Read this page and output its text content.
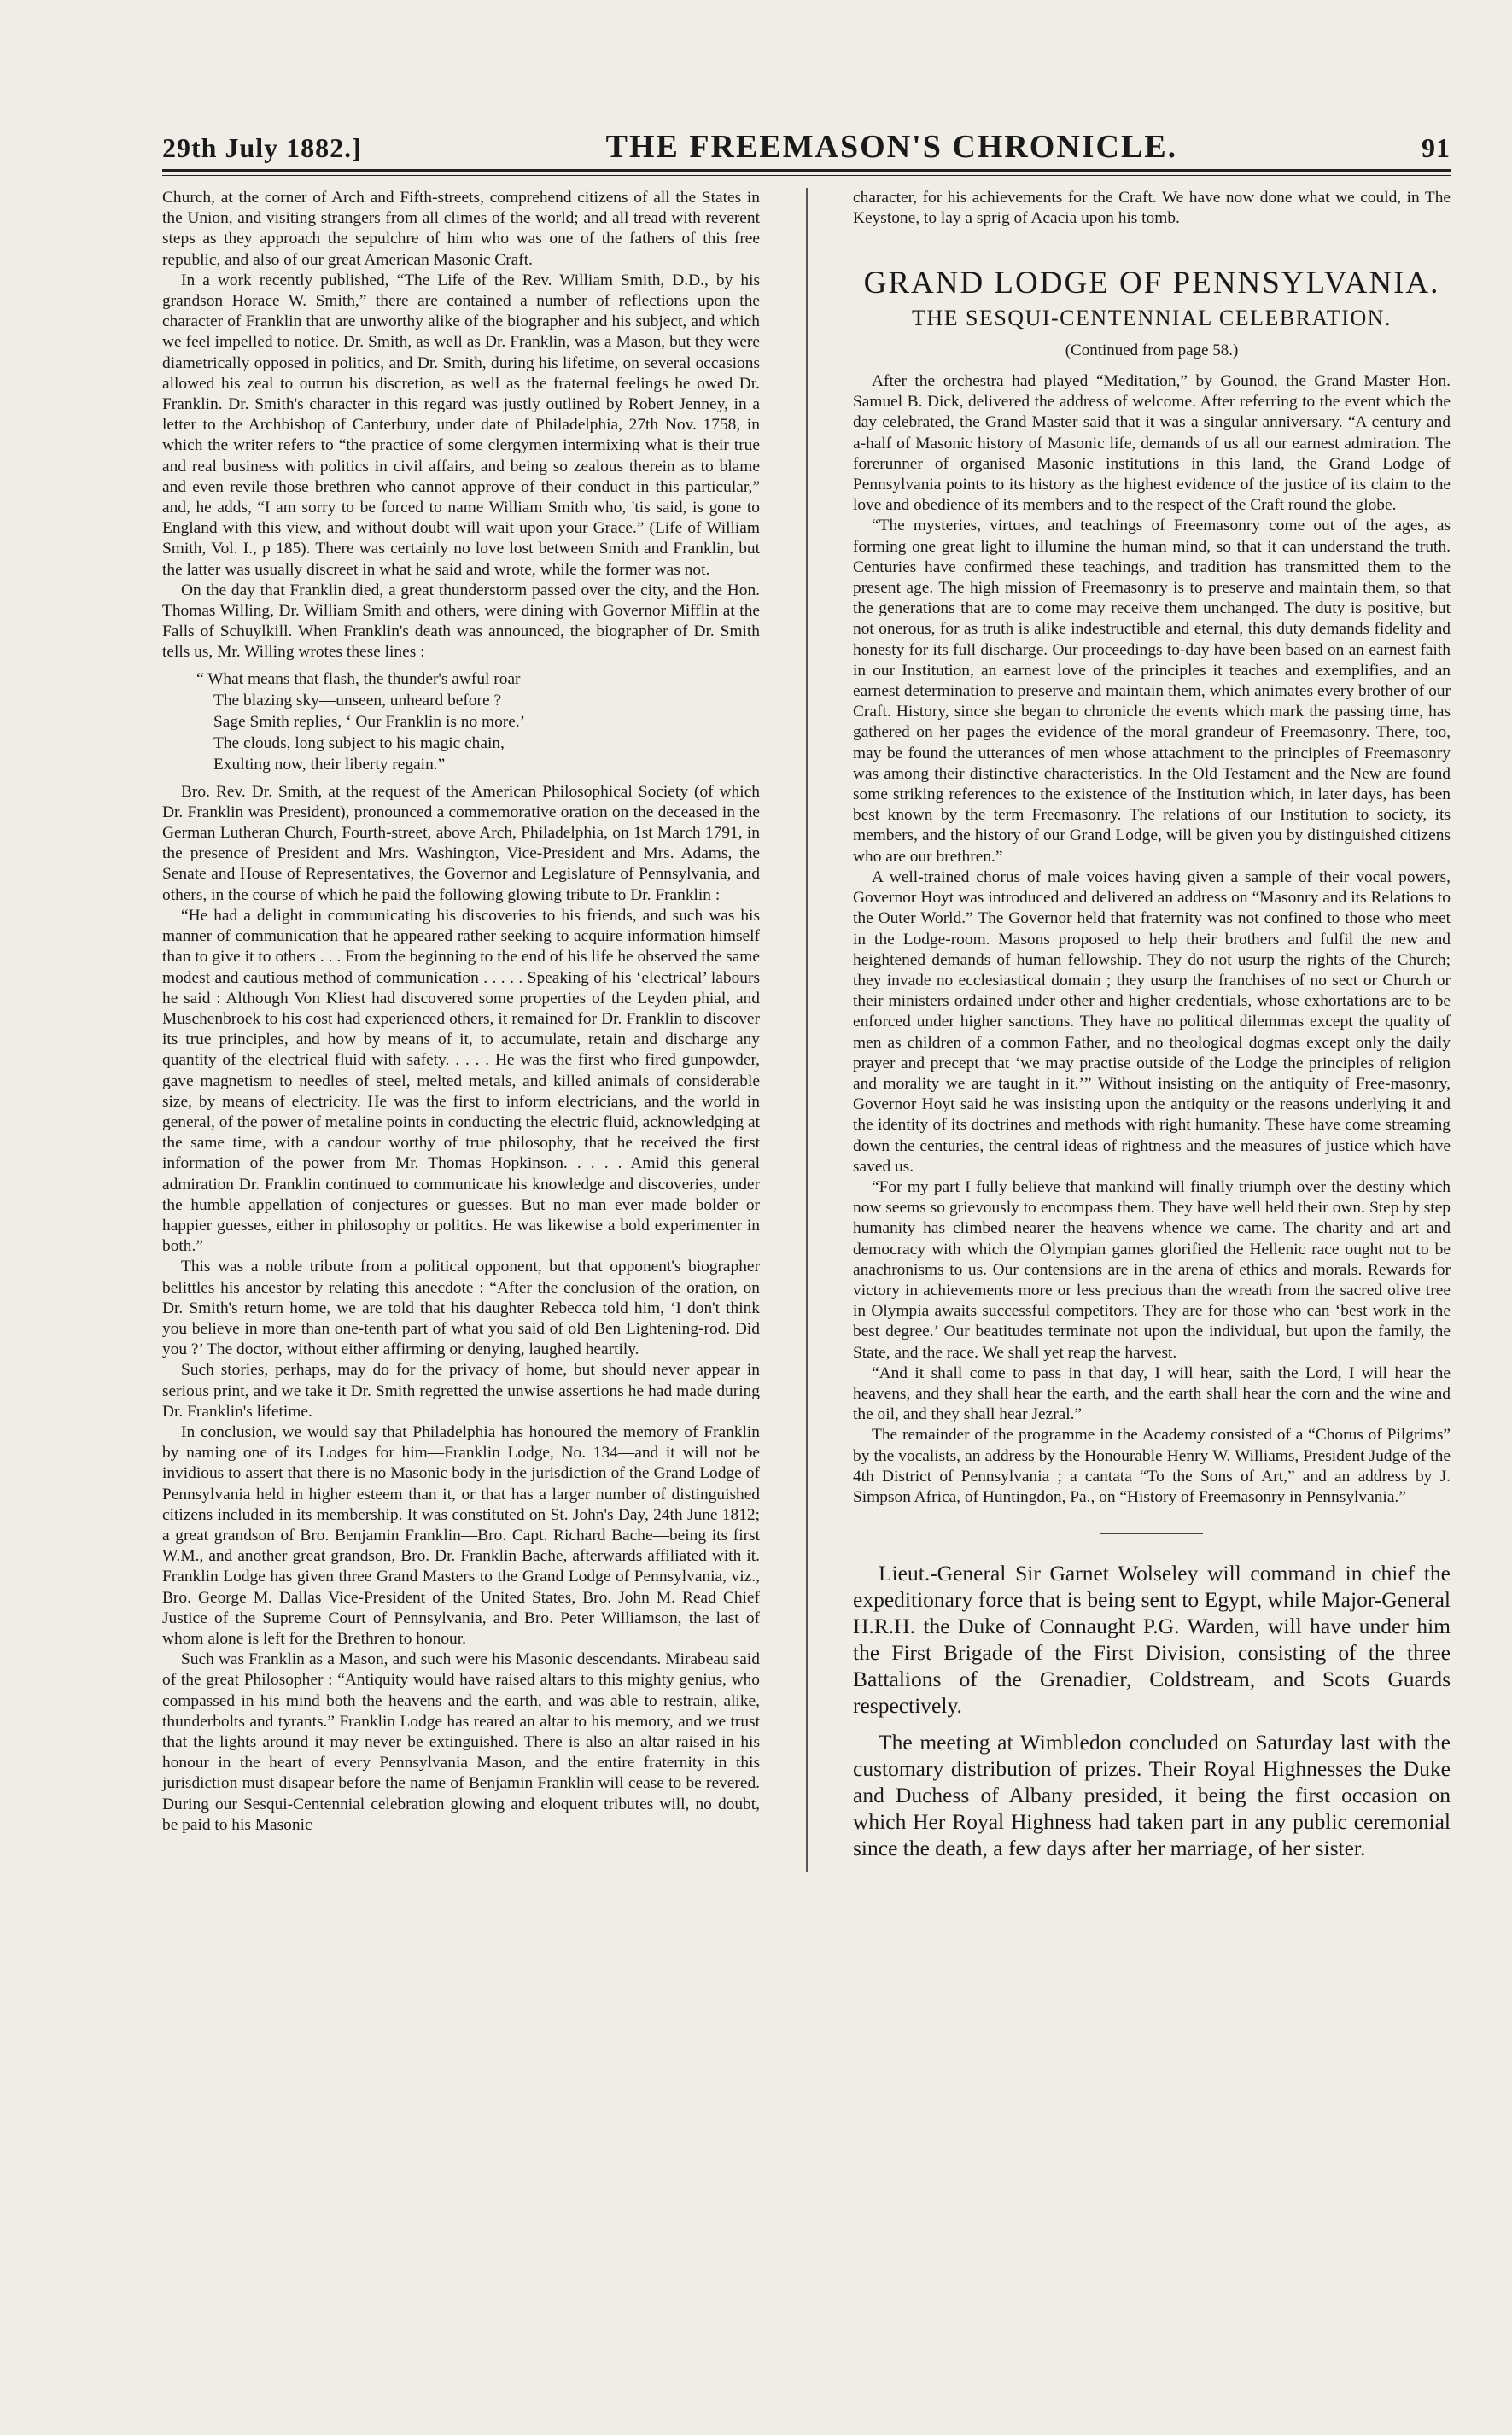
29th July 1882.]	THE FREEMASON'S CHRONICLE.	91

Church, at the corner of Arch and Fifth-streets, comprehend citizens of all the States in the Union, and visiting strangers from all climes of the world; and all tread with reverent steps as they approach the sepulchre of him who was one of the fathers of this free republic, and also of our great American Masonic Craft.

In a work recently published, “The Life of the Rev. William Smith, D.D., by his grandson Horace W. Smith,” there are contained a number of reflections upon the character of Franklin that are unworthy alike of the biographer and his subject, and which we feel impelled to notice. Dr. Smith, as well as Dr. Franklin, was a Mason, but they were diametrically opposed in politics, and Dr. Smith, during his lifetime, on several occasions allowed his zeal to outrun his discretion, as well as the fraternal feelings he owed Dr. Franklin. Dr. Smith's character in this regard was justly outlined by Robert Jenney, in a letter to the Archbishop of Canterbury, under date of Philadelphia, 27th Nov. 1758, in which the writer refers to “the practice of some clergymen intermixing what is their true and real business with politics in civil affairs, and being so zealous therein as to blame and even revile those brethren who cannot approve of their conduct in this particular,” and, he adds, “I am sorry to be forced to name William Smith who, 'tis said, is gone to England with this view, and without doubt will wait upon your Grace.” (Life of William Smith, Vol. I., p 185). There was certainly no love lost between Smith and Franklin, but the latter was usually discreet in what he said and wrote, while the former was not.

On the day that Franklin died, a great thunderstorm passed over the city, and the Hon. Thomas Willing, Dr. William Smith and others, were dining with Governor Mifflin at the Falls of Schuylkill. When Franklin's death was announced, the biographer of Dr. Smith tells us, Mr. Willing wrotes these lines :

“ What means that flash, the thunder's awful roar—
The blazing sky—unseen, unheard before ?
Sage Smith replies, ‘ Our Franklin is no more.’
The clouds, long subject to his magic chain,
Exulting now, their liberty regain.”

Bro. Rev. Dr. Smith, at the request of the American Philosophical Society (of which Dr. Franklin was President), pronounced a commemorative oration on the deceased in the German Lutheran Church, Fourth-street, above Arch, Philadelphia, on 1st March 1791, in the presence of President and Mrs. Washington, Vice-President and Mrs. Adams, the Senate and House of Representatives, the Governor and Legislature of Pennsylvania, and others, in the course of which he paid the following glowing tribute to Dr. Franklin :

“He had a delight in communicating his discoveries to his friends, and such was his manner of communication that he appeared rather seeking to acquire information himself than to give it to others . . . From the beginning to the end of his life he observed the same modest and cautious method of communication . . . . . Speaking of his ‘electrical’ labours he said : Although Von Kliest had discovered some properties of the Leyden phial, and Muschenbroek to his cost had experienced others, it remained for Dr. Franklin to discover its true principles, and how by means of it, to accumulate, retain and discharge any quantity of the electrical fluid with safety. . . . . He was the first who fired gunpowder, gave magnetism to needles of steel, melted metals, and killed animals of considerable size, by means of electricity. He was the first to inform electricians, and the world in general, of the power of metaline points in conducting the electric fluid, acknowledging at the same time, with a candour worthy of true philosophy, that he received the first information of the power from Mr. Thomas Hopkinson. . . . . Amid this general admiration Dr. Franklin continued to communicate his knowledge and discoveries, under the humble appellation of conjectures or guesses. But no man ever made bolder or happier guesses, either in philosophy or politics. He was likewise a bold experimenter in both.”

This was a noble tribute from a political opponent, but that opponent's biographer belittles his ancestor by relating this anecdote : “After the conclusion of the oration, on Dr. Smith's return home, we are told that his daughter Rebecca told him, ‘I don't think you believe in more than one-tenth part of what you said of old Ben Lightening-rod. Did you ?’ The doctor, without either affirming or denying, laughed heartily.

Such stories, perhaps, may do for the privacy of home, but should never appear in serious print, and we take it Dr. Smith regretted the unwise assertions he had made during Dr. Franklin's lifetime.

In conclusion, we would say that Philadelphia has honoured the memory of Franklin by naming one of its Lodges for him—Franklin Lodge, No. 134—and it will not be invidious to assert that there is no Masonic body in the jurisdiction of the Grand Lodge of Pennsylvania held in higher esteem than it, or that has a larger number of distinguished citizens included in its membership. It was constituted on St. John's Day, 24th June 1812; a great grandson of Bro. Benjamin Franklin—Bro. Capt. Richard Bache—being its first W.M., and another great grandson, Bro. Dr. Franklin Bache, afterwards affiliated with it. Franklin Lodge has given three Grand Masters to the Grand Lodge of Pennsylvania, viz., Bro. George M. Dallas Vice-President of the United States, Bro. John M. Read Chief Justice of the Supreme Court of Pennsylvania, and Bro. Peter Williamson, the last of whom alone is left for the Brethren to honour.

Such was Franklin as a Mason, and such were his Masonic descendants. Mirabeau said of the great Philosopher : “Antiquity would have raised altars to this mighty genius, who compassed in his mind both the heavens and the earth, and was able to restrain, alike, thunderbolts and tyrants.” Franklin Lodge has reared an altar to his memory, and we trust that the lights around it may never be extinguished. There is also an altar raised in his honour in the heart of every Pennsylvania Mason, and the entire fraternity in this jurisdiction must disapear before the name of Benjamin Franklin will cease to be revered. During our Sesqui-Centennial celebration glowing and eloquent tributes will, no doubt, be paid to his Masonic

character, for his achievements for the Craft. We have now done what we could, in The Keystone, to lay a sprig of Acacia upon his tomb.

GRAND LODGE OF PENNSYLVANIA.
THE SESQUI-CENTENNIAL CELEBRATION.
(Continued from page 58.)

After the orchestra had played “Meditation,” by Gounod, the Grand Master Hon. Samuel B. Dick, delivered the address of welcome. After referring to the event which the day celebrated, the Grand Master said that it was a singular anniversary. “A century and a-half of Masonic history of Masonic life, demands of us all our earnest admiration. The forerunner of organised Masonic institutions in this land, the Grand Lodge of Pennsylvania points to its history as the highest evidence of the justice of its claim to the love and obedience of its members and to the respect of the Craft round the globe.

“The mysteries, virtues, and teachings of Freemasonry come out of the ages, as forming one great light to illumine the human mind, so that it can understand the truth. Centuries have confirmed these teachings, and tradition has transmitted them to the present age. The high mission of Freemasonry is to preserve and maintain them, so that the generations that are to come may receive them unchanged. The duty is positive, but not onerous, for as truth is alike indestructible and eternal, this duty demands fidelity and honesty for its full discharge. Our proceedings to-day have been based on an earnest faith in our Institution, an earnest love of the principles it teaches and exemplifies, and an earnest determination to preserve and maintain them, which animates every brother of our Craft. History, since she began to chronicle the events which mark the passing time, has gathered on her pages the evidence of the moral grandeur of Freemasonry. There, too, may be found the utterances of men whose attachment to the principles of Freemasonry was among their distinctive characteristics. In the Old Testament and the New are found some striking references to the existence of the Institution which, in later days, has been best known by the term Freemasonry. The relations of our Institution to society, its members, and the history of our Grand Lodge, will be given you by distinguished citizens who are our brethren.”

A well-trained chorus of male voices having given a sample of their vocal powers, Governor Hoyt was introduced and delivered an address on “Masonry and its Relations to the Outer World.” The Governor held that fraternity was not confined to those who meet in the Lodge-room. Masons proposed to help their brothers and fulfil the new and heightened demands of human fellowship. They do not usurp the rights of the Church; they invade no ecclesiastical domain ; they usurp the franchises of no sect or Church or their ministers ordained under other and higher credentials, whose exhortations are to be enforced under higher sanctions. They have no political dilemmas except the quality of men as children of a common Father, and no theological dogmas except only the daily prayer and precept that ‘we may practise outside of the Lodge the principles of religion and morality we are taught in it.’” Without insisting on the antiquity of Free-masonry, Governor Hoyt said he was insisting upon the antiquity or the reasons underlying it and the identity of its doctrines and methods with right humanity. These have come streaming down the centuries, the central ideas of rightness and the measures of justice which have saved us.

“For my part I fully believe that mankind will finally triumph over the destiny which now seems so grievously to encompass them. They have well held their own. Step by step humanity has climbed nearer the heavens whence we came. The charity and art and democracy with which the Olympian games glorified the Hellenic race ought not to be anachronisms to us. Our contensions are in the arena of ethics and morals. Rewards for victory in achievements more or less precious than the wreath from the sacred olive tree in Olympia awaits successful competitors. They are for those who can ‘best work in the best degree.’ Our beatitudes terminate not upon the individual, but upon the family, the State, and the race. We shall yet reap the harvest.

“And it shall come to pass in that day, I will hear, saith the Lord, I will hear the heavens, and they shall hear the earth, and the earth shall hear the corn and the wine and the oil, and they shall hear Jezral.”

The remainder of the programme in the Academy consisted of a “Chorus of Pilgrims” by the vocalists, an address by the Honourable Henry W. Williams, President Judge of the 4th District of Pennsylvania ; a cantata “To the Sons of Art,” and an address by J. Simpson Africa, of Huntingdon, Pa., on “History of Freemasonry in Pennsylvania.”

Lieut.-General Sir Garnet Wolseley will command in chief the expeditionary force that is being sent to Egypt, while Major-General H.R.H. the Duke of Connaught P.G. Warden, will have under him the First Brigade of the First Division, consisting of the three Battalions of the Grenadier, Coldstream, and Scots Guards respectively.

The meeting at Wimbledon concluded on Saturday last with the customary distribution of prizes. Their Royal Highnesses the Duke and Duchess of Albany presided, it being the first occasion on which Her Royal Highness had taken part in any public ceremonial since the death, a few days after her marriage, of her sister.
